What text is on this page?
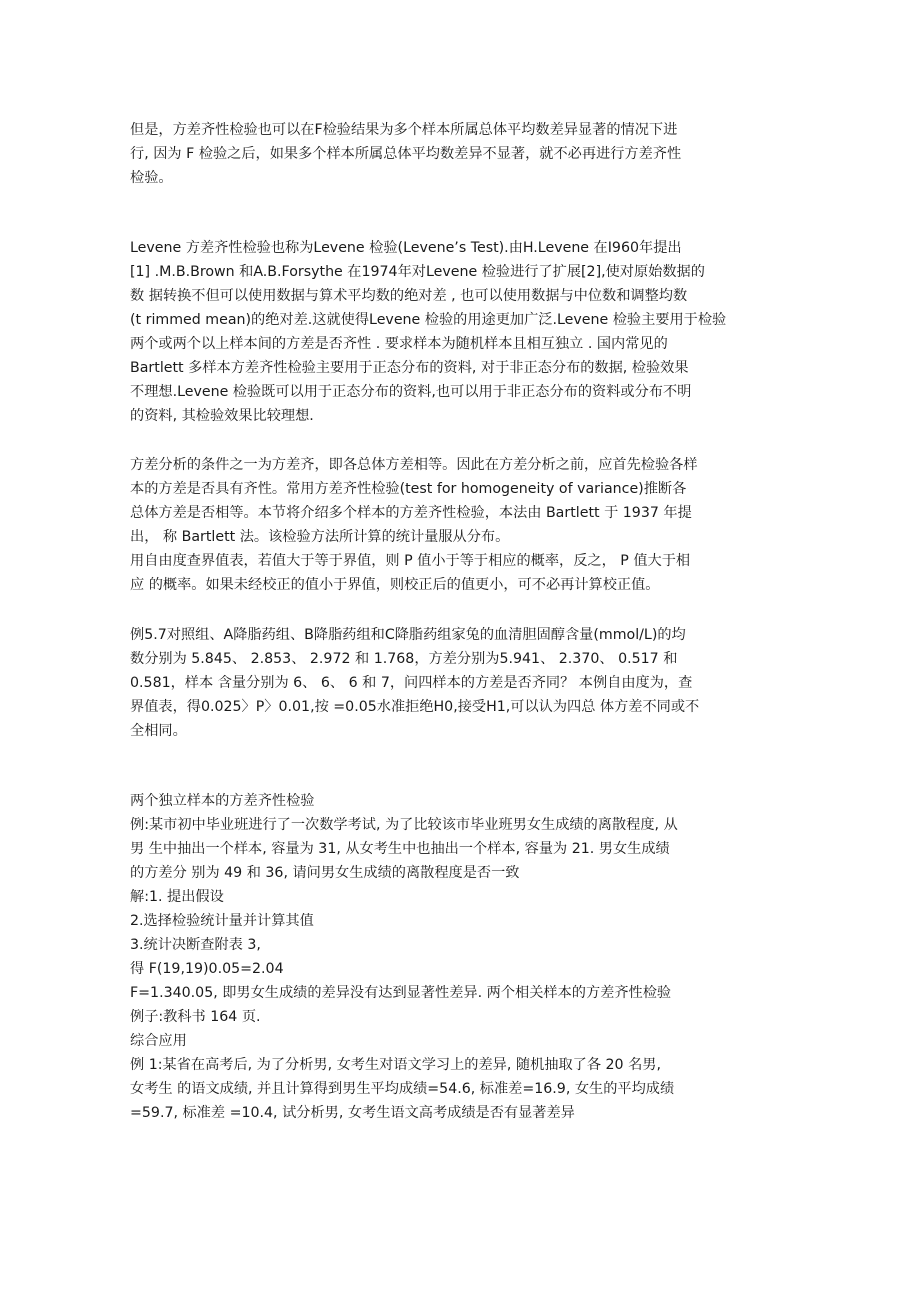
但是，方差齐性检验也可以在F检验结果为多个样本所属总体平均数差异显著的情况下进
行, 因为 F 检验之后，如果多个样本所属总体平均数差异不显著，就不必再进行方差齐性
检验。
Levene 方差齐性检验也称为Levene 检验(Levene’s Test).由H.Levene 在I960年提出
[1] .M.B.Brown 和A.B.Forsythe 在1974年对Levene 检验进行了扩展[2],使对原始数据的
数 据转换不但可以使用数据与算术平均数的绝对差 , 也可以使用数据与中位数和调整均数
(t rimmed mean)的绝对差.这就使得Levene 检验的用途更加广泛.Levene 检验主要用于检验
两个或两个以上样本间的方差是否齐性 . 要求样本为随机样本且相互独立 . 国内常见的
Bartlett 多样本方差齐性检验主要用于正态分布的资料, 对于非正态分布的数据, 检验效果
不理想.Levene 检验既可以用于正态分布的资料,也可以用于非正态分布的资料或分布不明
的资料, 其检验效果比较理想.
方差分析的条件之一为方差齐，即各总体方差相等。因此在方差分析之前，应首先检验各样
本的方差是否具有齐性。常用方差齐性检验(test for homogeneity of variance)推断各
总体方差是否相等。本节将介绍多个样本的方差齐性检验，本法由 Bartlett 于 1937 年提
出， 称 Bartlett 法。该检验方法所计算的统计量服从分布。
用自由度查界值表，若值大于等于界值，则 P 值小于等于相应的概率，反之， P 值大于相
应 的概率。如果未经校正的值小于界值，则校正后的值更小，可不必再计算校正值。
例5.7对照组、A降脂药组、B降脂药组和C降脂药组家兔的血清胆固醇含量(mmol/L)的均
数分别为 5.845、 2.853、 2.972 和 1.768，方差分别为5.941、 2.370、 0.517 和
0.581，样本 含量分别为 6、 6、 6 和 7，问四样本的方差是否齐同？ 本例自由度为，查
界值表，得0.025〉P〉0.01,按 =0.05水准拒绝H0,接受H1,可以认为四总 体方差不同或不
全相同。
两个独立样本的方差齐性检验
例:某市初中毕业班进行了一次数学考试, 为了比较该市毕业班男女生成绩的离散程度, 从
男 生中抽出一个样本, 容量为 31, 从女考生中也抽出一个样本, 容量为 21. 男女生成绩
的方差分 别为 49 和 36, 请问男女生成绩的离散程度是否一致
解:1. 提出假设
2.选择检验统计量并计算其值
3.统计决断查附表 3,
得 F(19,19)0.05=2.04
F=1.340.05, 即男女生成绩的差异没有达到显著性差异. 两个相关样本的方差齐性检验
例子:教科书 164 页.
综合应用
例 1:某省在高考后, 为了分析男, 女考生对语文学习上的差异, 随机抽取了各 20 名男,
女考生 的语文成绩, 并且计算得到男生平均成绩=54.6, 标准差=16.9, 女生的平均成绩
=59.7, 标准差 =10.4, 试分析男, 女考生语文高考成绩是否有显著差异
